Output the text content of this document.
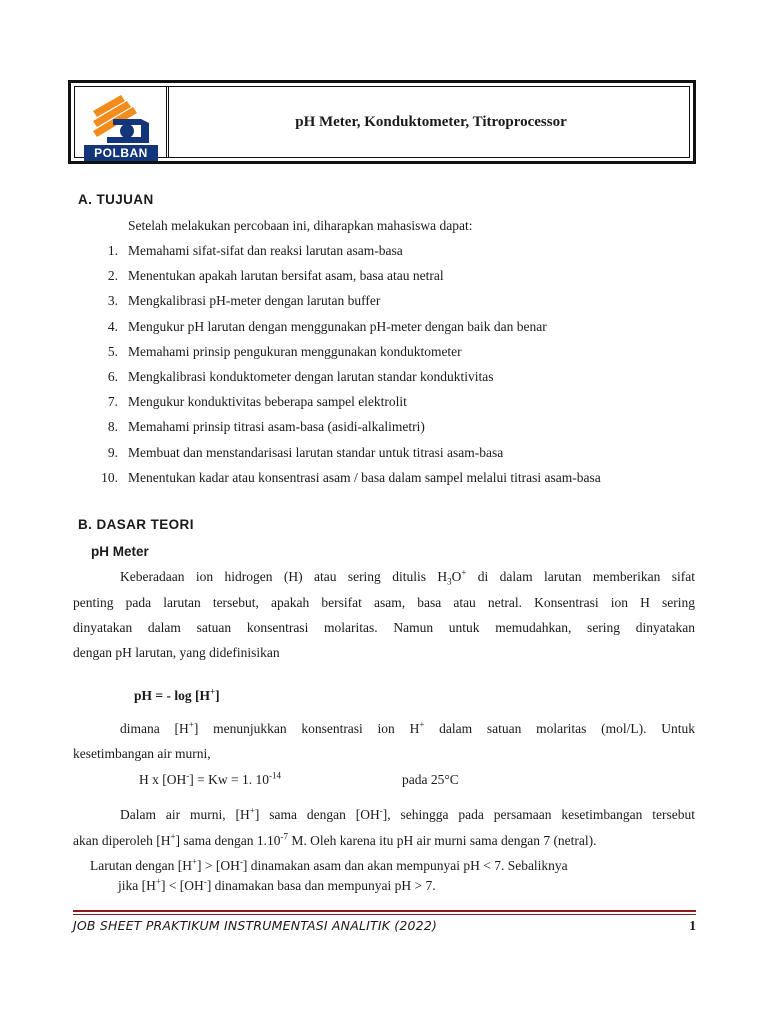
POLBAN
pH Meter, Konduktometer, Titroprocessor
A. TUJUAN
Setelah melakukan percobaan ini, diharapkan mahasiswa dapat:
1. Memahami sifat-sifat dan reaksi larutan asam-basa
2. Menentukan apakah larutan bersifat asam, basa atau netral
3. Mengkalibrasi pH-meter dengan larutan buffer
4. Mengukur pH larutan dengan menggunakan pH-meter dengan baik dan benar
5. Memahami prinsip pengukuran menggunakan konduktometer
6. Mengkalibrasi konduktometer dengan larutan standar konduktivitas
7. Mengukur konduktivitas beberapa sampel elektrolit
8. Memahami prinsip titrasi asam-basa (asidi-alkalimetri)
9. Membuat dan menstandarisasi larutan standar untuk titrasi asam-basa
10. Menentukan kadar atau konsentrasi asam / basa dalam sampel melalui titrasi asam-basa
B. DASAR TEORI
pH Meter
Keberadaan ion hidrogen (H) atau sering ditulis $H_3O^+$ di dalam larutan memberikan sifat
penting pada larutan tersebut, apakah bersifat asam, basa atau netral. Konsentrasi ion H sering
dinyatakan dalam satuan konsentrasi molaritas. Namun untuk memudahkan, sering dinyatakan
dengan pH larutan, yang didefinisikan
pH = - log [H+]
dimana [H+] menunjukkan konsentrasi ion H+ dalam satuan molaritas (mol/L). Untuk
kesetimbangan air murni,
H x [OH-] = Kw = 1. $10^{-14}$	pada 25°C
Dalam air murni, [H+] sama dengan [OH-], sehingga pada persamaan kesetimbangan tersebut
akan diperoleh [H+] sama dengan $1.10^{-7}$ M. Oleh karena itu pH air murni sama dengan 7 (netral).
Larutan dengan [H+] > [OH-] dinamakan asam dan akan mempunyai pH < 7. Sebaliknya
jika [H+] < [OH-] dinamakan basa dan mempunyai pH > 7.
JOB SHEET PRAKTIKUM INSTRUMENTASI ANALITIK (2022)	1
